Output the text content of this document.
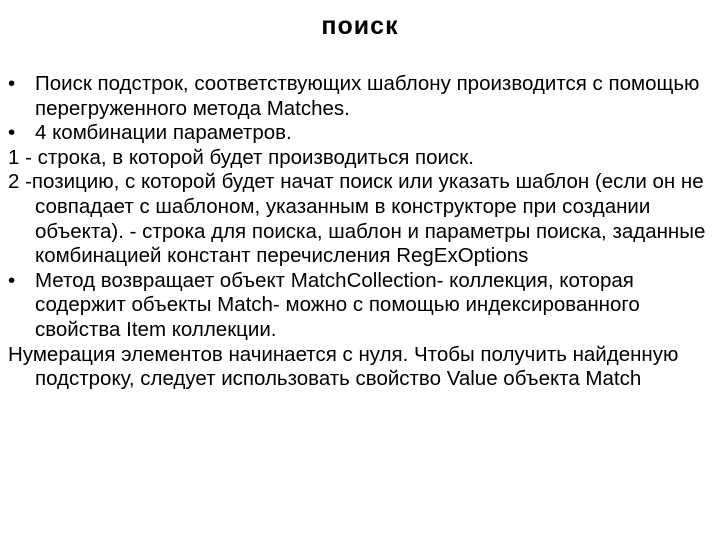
поиск

• Поиск подстрок, соответствующих шаблону производится с помощью перегруженного метода Matches.

• 4 комбинации параметров.

1 - строка, в которой будет производиться поиск.

2 -позицию, с которой будет начат поиск или указать шаблон (если он не совпадает с шаблоном, указанным в конструкторе при создании объекта). - строка для поиска, шаблон и параметры поиска, заданные комбинацией констант перечисления RegExOptions

• Метод возвращает объект MatchCollection- коллекция, которая содержит объекты Match- можно с помощью индексированного свойства Item коллекции.

Нумерация элементов начинается с нуля. Чтобы получить найденную подстроку, следует использовать свойство Value объекта Match
